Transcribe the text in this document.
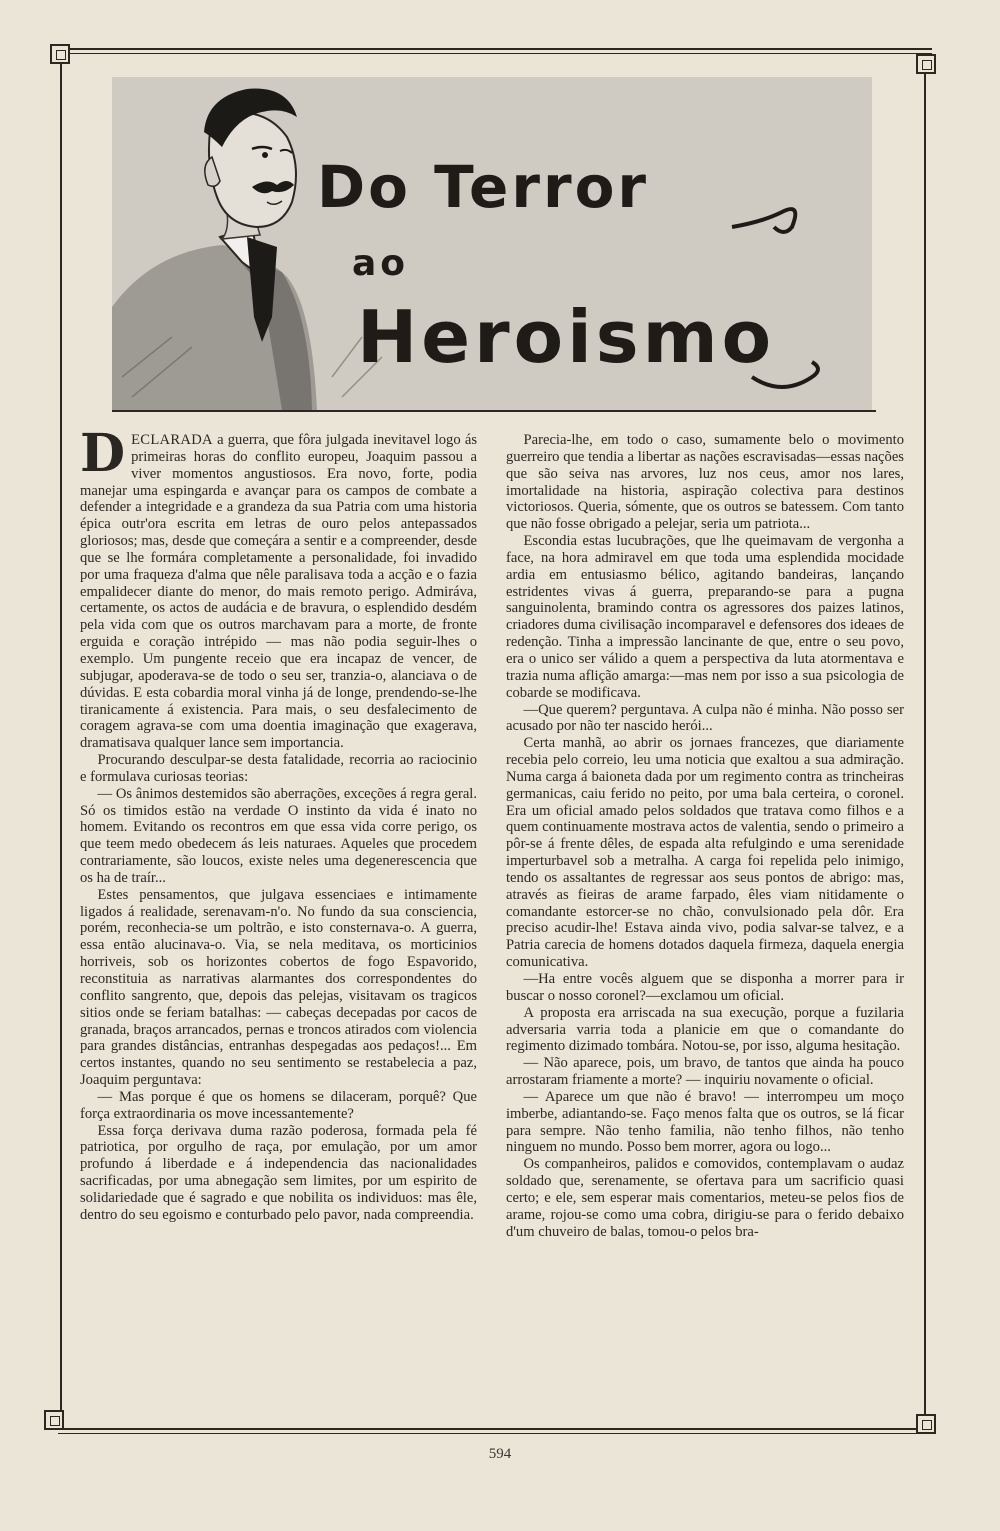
Do Terror
ao
Heroismo

DECLARADA a guerra, que fôra julgada inevitavel logo ás primeiras horas do conflito europeu, Joaquim passou a viver momentos angustiosos. Era novo, forte, podia manejar uma espingarda e avançar para os campos de combate a defender a integridade e a grandeza da sua Patria com uma historia épica outr'ora escrita em letras de ouro pelos antepassados gloriosos; mas, desde que começára a sentir e a compreender, desde que se lhe formára completamente a personalidade, foi invadido por uma fraqueza d'alma que nêle paralisava toda a acção e o fazia empalidecer diante do menor, do mais remoto perigo. Admiráva, certamente, os actos de audácia e de bravura, o esplendido desdém pela vida com que os outros marchavam para a morte, de fronte erguida e coração intrépido — mas não podia seguir-lhes o exemplo. Um pungente receio que era incapaz de vencer, de subjugar, apoderava-se de todo o seu ser, tranzia-o, alanciava o de dúvidas. E esta cobardia moral vinha já de longe, prendendo-se-lhe tiranicamente á existencia. Para mais, o seu desfalecimento de coragem agrava-se com uma doentia imaginação que exagerava, dramatisava qualquer lance sem importancia.

Procurando desculpar-se desta fatalidade, recorria ao raciocinio e formulava curiosas teorias:

— Os ânimos destemidos são aberrações, exceções á regra geral. Só os timidos estão na verdade O instinto da vida é inato no homem. Evitando os recontros em que essa vida corre perigo, os que teem medo obedecem ás leis naturaes. Aqueles que procedem contrariamente, são loucos, existe neles uma degenerescencia que os ha de traír...

Estes pensamentos, que julgava essenciaes e intimamente ligados á realidade, serenavam-n'o. No fundo da sua consciencia, porém, reconhecia-se um poltrão, e isto consternava-o. A guerra, essa então alucinava-o. Via, se nela meditava, os morticinios horriveis, sob os horizontes cobertos de fogo Espavorido, reconstituia as narrativas alarmantes dos correspondentes do conflito sangrento, que, depois das pelejas, visitavam os tragicos sitios onde se feriam batalhas: — cabeças decepadas por cacos de granada, braços arrancados, pernas e troncos atirados com violencia para grandes distâncias, entranhas despegadas aos pedaços!... Em certos instantes, quando no seu sentimento se restabelecia a paz, Joaquim perguntava:

— Mas porque é que os homens se dilaceram, porquê? Que força extraordinaria os move incessantemente?

Essa força derivava duma razão poderosa, formada pela fé patriotica, por orgulho de raça, por emulação, por um amor profundo á liberdade e á independencia das nacionalidades sacrificadas, por uma abnegação sem limites, por um espirito de solidariedade que é sagrado e que nobilita os individuos: mas êle, dentro do seu egoismo e conturbado pelo pavor, nada compreendia.

Parecia-lhe, em todo o caso, sumamente belo o movimento guerreiro que tendia a libertar as nações escravisadas—essas nações que são seiva nas arvores, luz nos ceus, amor nos lares, imortalidade na historia, aspiração colectiva para destinos victoriosos. Queria, sómente, que os outros se batessem. Com tanto que não fosse obrigado a pelejar, seria um patriota...

Escondia estas lucubrações, que lhe queimavam de vergonha a face, na hora admiravel em que toda uma esplendida mocidade ardia em entusiasmo bélico, agitando bandeiras, lançando estridentes vivas á guerra, preparando-se para a pugna sanguinolenta, bramindo contra os agressores dos paizes latinos, criadores duma civilisação incomparavel e defensores dos ideaes de redenção. Tinha a impressão lancinante de que, entre o seu povo, era o unico ser válido a quem a perspectiva da luta atormentava e trazia numa aflição amarga:—mas nem por isso a sua psicologia de cobarde se modificava.

—Que querem? perguntava. A culpa não é minha. Não posso ser acusado por não ter nascido herói...

Certa manhã, ao abrir os jornaes francezes, que diariamente recebia pelo correio, leu uma noticia que exaltou a sua admiração. Numa carga á baioneta dada por um regimento contra as trincheiras germanicas, caiu ferido no peito, por uma bala certeira, o coronel. Era um oficial amado pelos soldados que tratava como filhos e a quem continuamente mostrava actos de valentia, sendo o primeiro a pôr-se á frente dêles, de espada alta refulgindo e uma serenidade imperturbavel sob a metralha. A carga foi repelida pelo inimigo, tendo os assaltantes de regressar aos seus pontos de abrigo: mas, através as fieiras de arame farpado, êles viam nitidamente o comandante estorcer-se no chão, convulsionado pela dôr. Era preciso acudir-lhe! Estava ainda vivo, podia salvar-se talvez, e a Patria carecia de homens dotados daquela firmeza, daquela energia comunicativa.

—Ha entre vocês alguem que se disponha a morrer para ir buscar o nosso coronel?—exclamou um oficial.

A proposta era arriscada na sua execução, porque a fuzilaria adversaria varria toda a planicie em que o comandante do regimento dizimado tombára. Notou-se, por isso, alguma hesitação.

— Não aparece, pois, um bravo, de tantos que ainda ha pouco arrostaram friamente a morte? — inquiriu novamente o oficial.

— Aparece um que não é bravo! — interrompeu um moço imberbe, adiantando-se. Faço menos falta que os outros, se lá ficar para sempre. Não tenho familia, não tenho filhos, não tenho ninguem no mundo. Posso bem morrer, agora ou logo...

Os companheiros, palidos e comovidos, contemplavam o audaz soldado que, serenamente, se ofertava para um sacrificio quasi certo; e ele, sem esperar mais comentarios, meteu-se pelos fios de arame, rojou-se como uma cobra, dirigiu-se para o ferido debaixo d'um chuveiro de balas, tomou-o pelos bra-

594
